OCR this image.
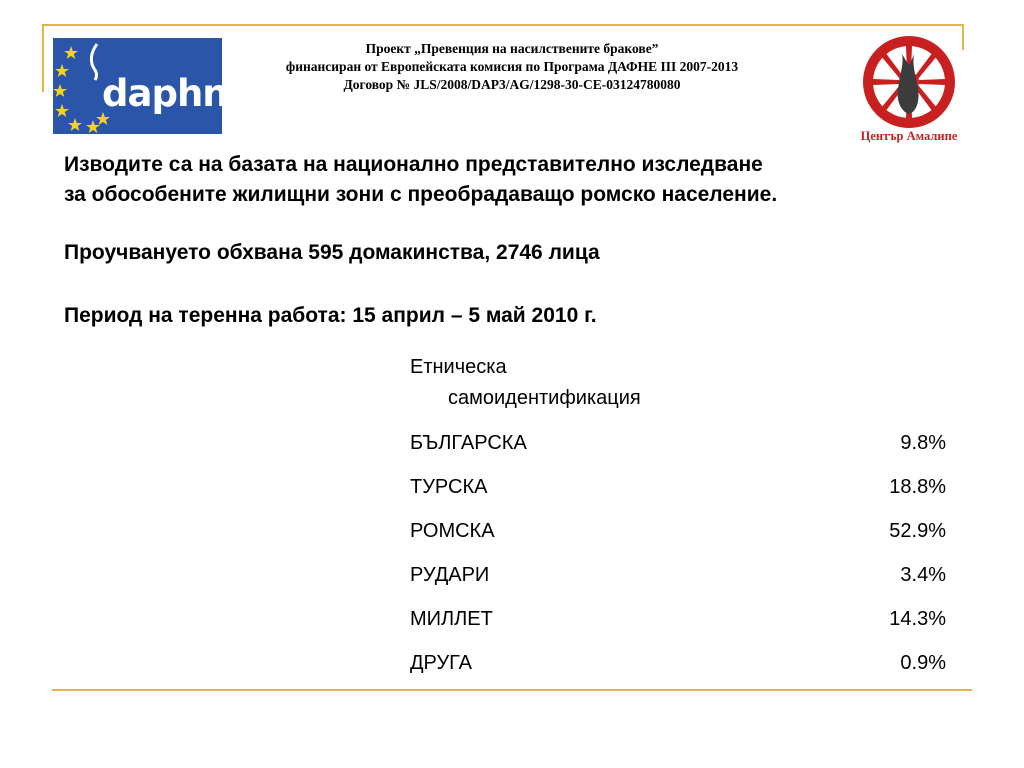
daphne
Проект „Превенция на насилствените бракове”
финансиран от Европейската комисия по Програма ДАФНЕ III 2007-2013
Договор № JLS/2008/DAP3/AG/1298-30-CE-03124780080
Център Амалипе

Изводите са на базата на национално представително изследване

за обособените жилищни зони с преобрадаващо ромско население.

Проучвануето обхвана 595 домакинства, 2746 лица
Период на теренна работа: 15 април – 5 май 2010 г.
Етническа
самоидентификация
БЪЛГАРСКА	9.8%
ТУРСКА	18.8%
РОМСКА	52.9%
РУДАРИ	3.4%
МИЛЛЕТ	14.3%
ДРУГА	0.9%
